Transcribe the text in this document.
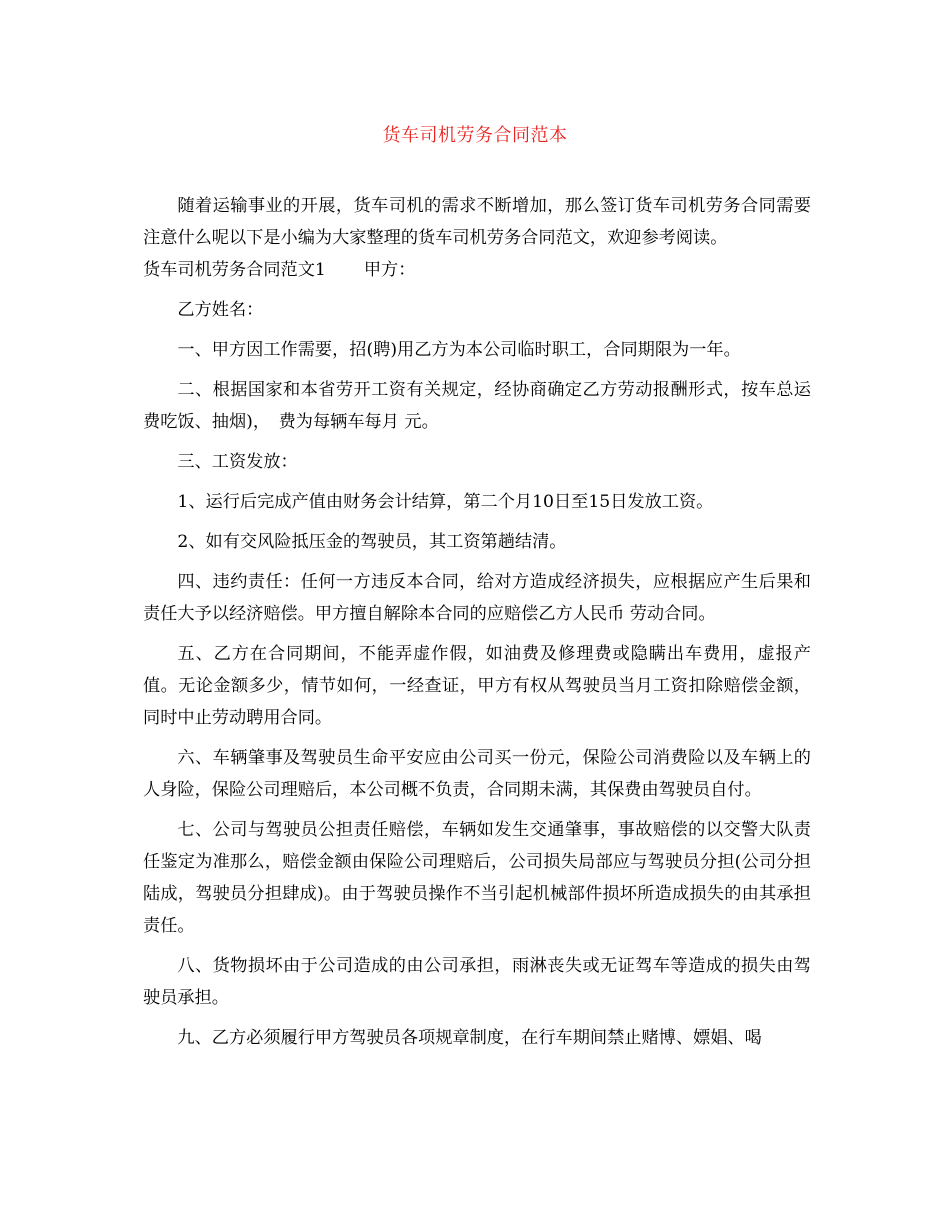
货车司机劳务合同范本

随着运输事业的开展，货车司机的需求不断增加，那么签订货车司机劳务合同需要注意什么呢以下是小编为大家整理的货车司机劳务合同范文，欢迎参考阅读。

货车司机劳务合同范文1 甲方：

乙方姓名：

一、甲方因工作需要，招(聘)用乙方为本公司临时职工，合同期限为一年。

二、根据国家和本省劳开工资有关规定，经协商确定乙方劳动报酬形式，按车总运费吃饭、抽烟)，　费为每辆车每月 元。

三、工资发放：

1、运行后完成产值由财务会计结算，第二个月10日至15日发放工资。

2、如有交风险抵压金的驾驶员，其工资第趟结清。

四、违约责任：任何一方违反本合同，给对方造成经济损失，应根据应产生后果和责任大予以经济赔偿。甲方擅自解除本合同的应赔偿乙方人民币 劳动合同。

五、乙方在合同期间，不能弄虚作假，如油费及修理费或隐瞒出车费用，虚报产值。无论金额多少，情节如何，一经查证，甲方有权从驾驶员当月工资扣除赔偿金额，同时中止劳动聘用合同。

六、车辆肇事及驾驶员生命平安应由公司买一份元，保险公司消费险以及车辆上的人身险，保险公司理赔后，本公司概不负责，合同期未满，其保费由驾驶员自付。

七、公司与驾驶员公担责任赔偿，车辆如发生交通肇事，事故赔偿的以交警大队责任鉴定为准那么，赔偿金额由保险公司理赔后，公司损失局部应与驾驶员分担(公司分担陆成，驾驶员分担肆成)。由于驾驶员操作不当引起机械部件损坏所造成损失的由其承担责任。

八、货物损坏由于公司造成的由公司承担，雨淋丧失或无证驾车等造成的损失由驾驶员承担。

九、乙方必须履行甲方驾驶员各项规章制度，在行车期间禁止赌博、嫖娼、喝
